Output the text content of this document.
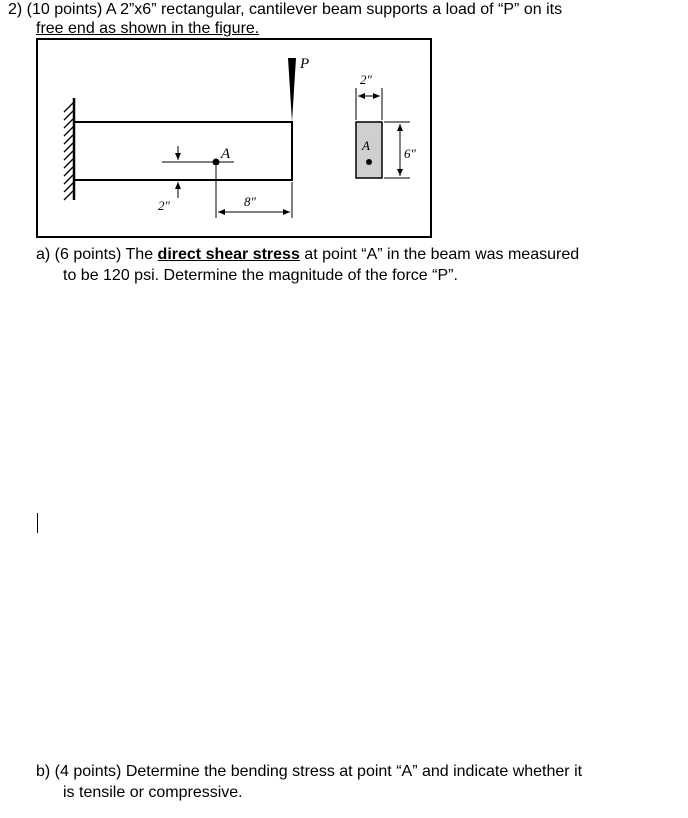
2) (10 points) A 2”x6” rectangular, cantilever beam supports a load of “P” on its
free end as shown in the figure.
P
A
2″	8″
A
2″
6″
a) (6 points) The direct shear stress at point “A” in the beam was measured
to be 120 psi. Determine the magnitude of the force “P”.
b) (4 points) Determine the bending stress at point “A” and indicate whether it
is tensile or compressive.
